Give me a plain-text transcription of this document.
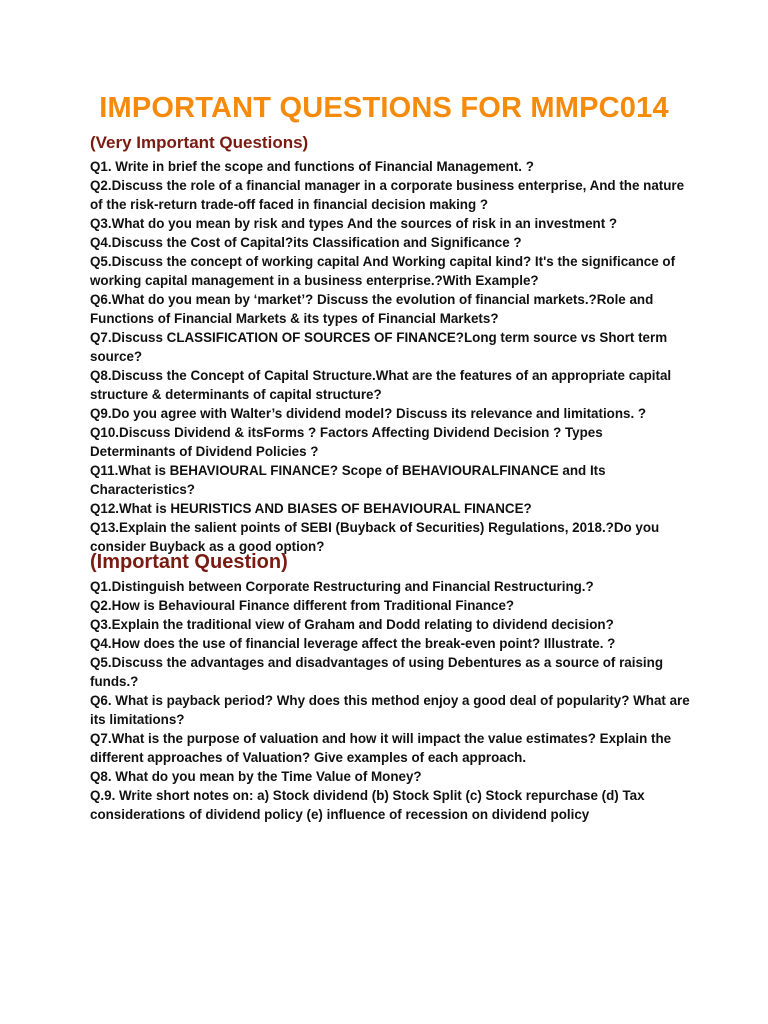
IMPORTANT QUESTIONS FOR MMPC014
(Very Important Questions)
Q1. Write in brief the scope and functions of Financial Management. ?
Q2.Discuss the role of a financial manager in a corporate business enterprise, And the nature of the risk-return trade-off faced in financial decision making ?
Q3.What do you mean by risk and types And the sources of risk in an investment ?
Q4.Discuss the Cost of Capital?its Classification and Significance ?
Q5.Discuss the concept of working capital And Working capital kind? It's the significance of working capital management in a business enterprise.?With Example?
Q6.What do you mean by ‘market’? Discuss the evolution of financial markets.?Role and Functions of Financial Markets & its types of Financial Markets?
Q7.Discuss CLASSIFICATION OF SOURCES OF FINANCE?Long term source vs Short term source?
Q8.Discuss the Concept of Capital Structure.What are the features of an appropriate capital structure & determinants of capital structure?
Q9.Do you agree with Walter’s dividend model? Discuss its relevance and limitations. ?
Q10.Discuss Dividend & itsForms ? Factors Affecting Dividend Decision ? Types Determinants of Dividend Policies ?
Q11.What is BEHAVIOURAL FINANCE? Scope of BEHAVIOURALFINANCE and Its Characteristics?
Q12.What is HEURISTICS AND BIASES OF BEHAVIOURAL FINANCE?
Q13.Explain the salient points of SEBI (Buyback of Securities) Regulations, 2018.?Do you consider Buyback as a good option?
(Important Question)
Q1.Distinguish between Corporate Restructuring and Financial Restructuring.?
Q2.How is Behavioural Finance different from Traditional Finance?
Q3.Explain the traditional view of Graham and Dodd relating to dividend decision?
Q4.How does the use of financial leverage affect the break-even point? Illustrate. ?
Q5.Discuss the advantages and disadvantages of using Debentures as a source of raising funds.?
Q6. What is payback period? Why does this method enjoy a good deal of popularity? What are its limitations?
Q7.What is the purpose of valuation and how it will impact the value estimates? Explain the different approaches of Valuation? Give examples of each approach.
Q8. What do you mean by the Time Value of Money?
Q.9. Write short notes on: a) Stock dividend (b) Stock Split (c) Stock repurchase (d) Tax considerations of dividend policy (e) influence of recession on dividend policy
